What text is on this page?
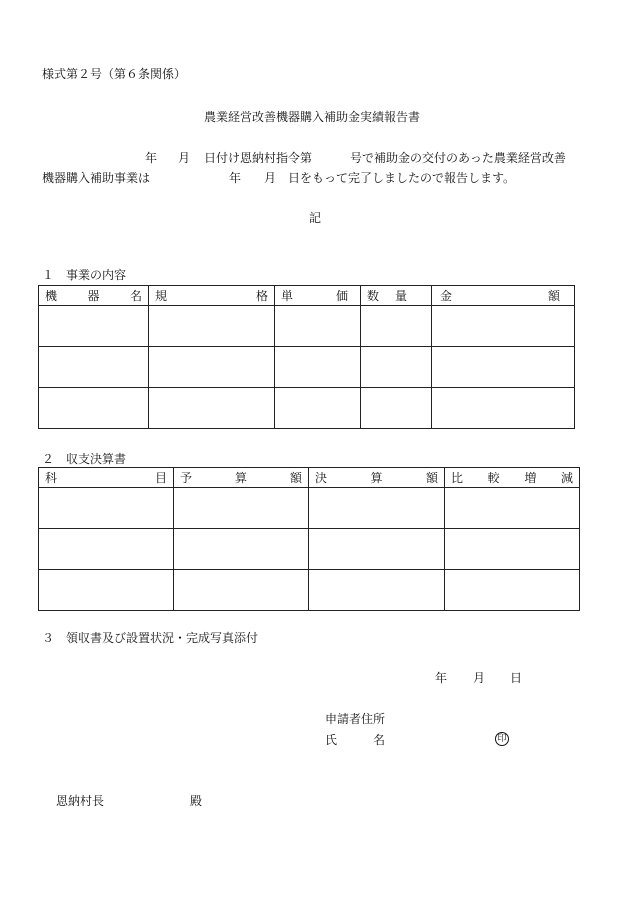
様式第２号（第６条関係）
農業経営改善機器購入補助金実績報告書
年 月 日付け恩納村指令第	号で補助金の交付のあった農業経営改善
機器購入補助事業は	年 月 日をもって完了しましたので報告します。
記
１　事業の内容
機 器 名	規 格	単 価	数 量	金 額

２　収支決算書
科 目	予 算 額	決 算 額	比 較 増 減

３　領収書及び設置状況・完成写真添付
年 月 日
申請者住所
氏	名	印
恩納村長	殿
